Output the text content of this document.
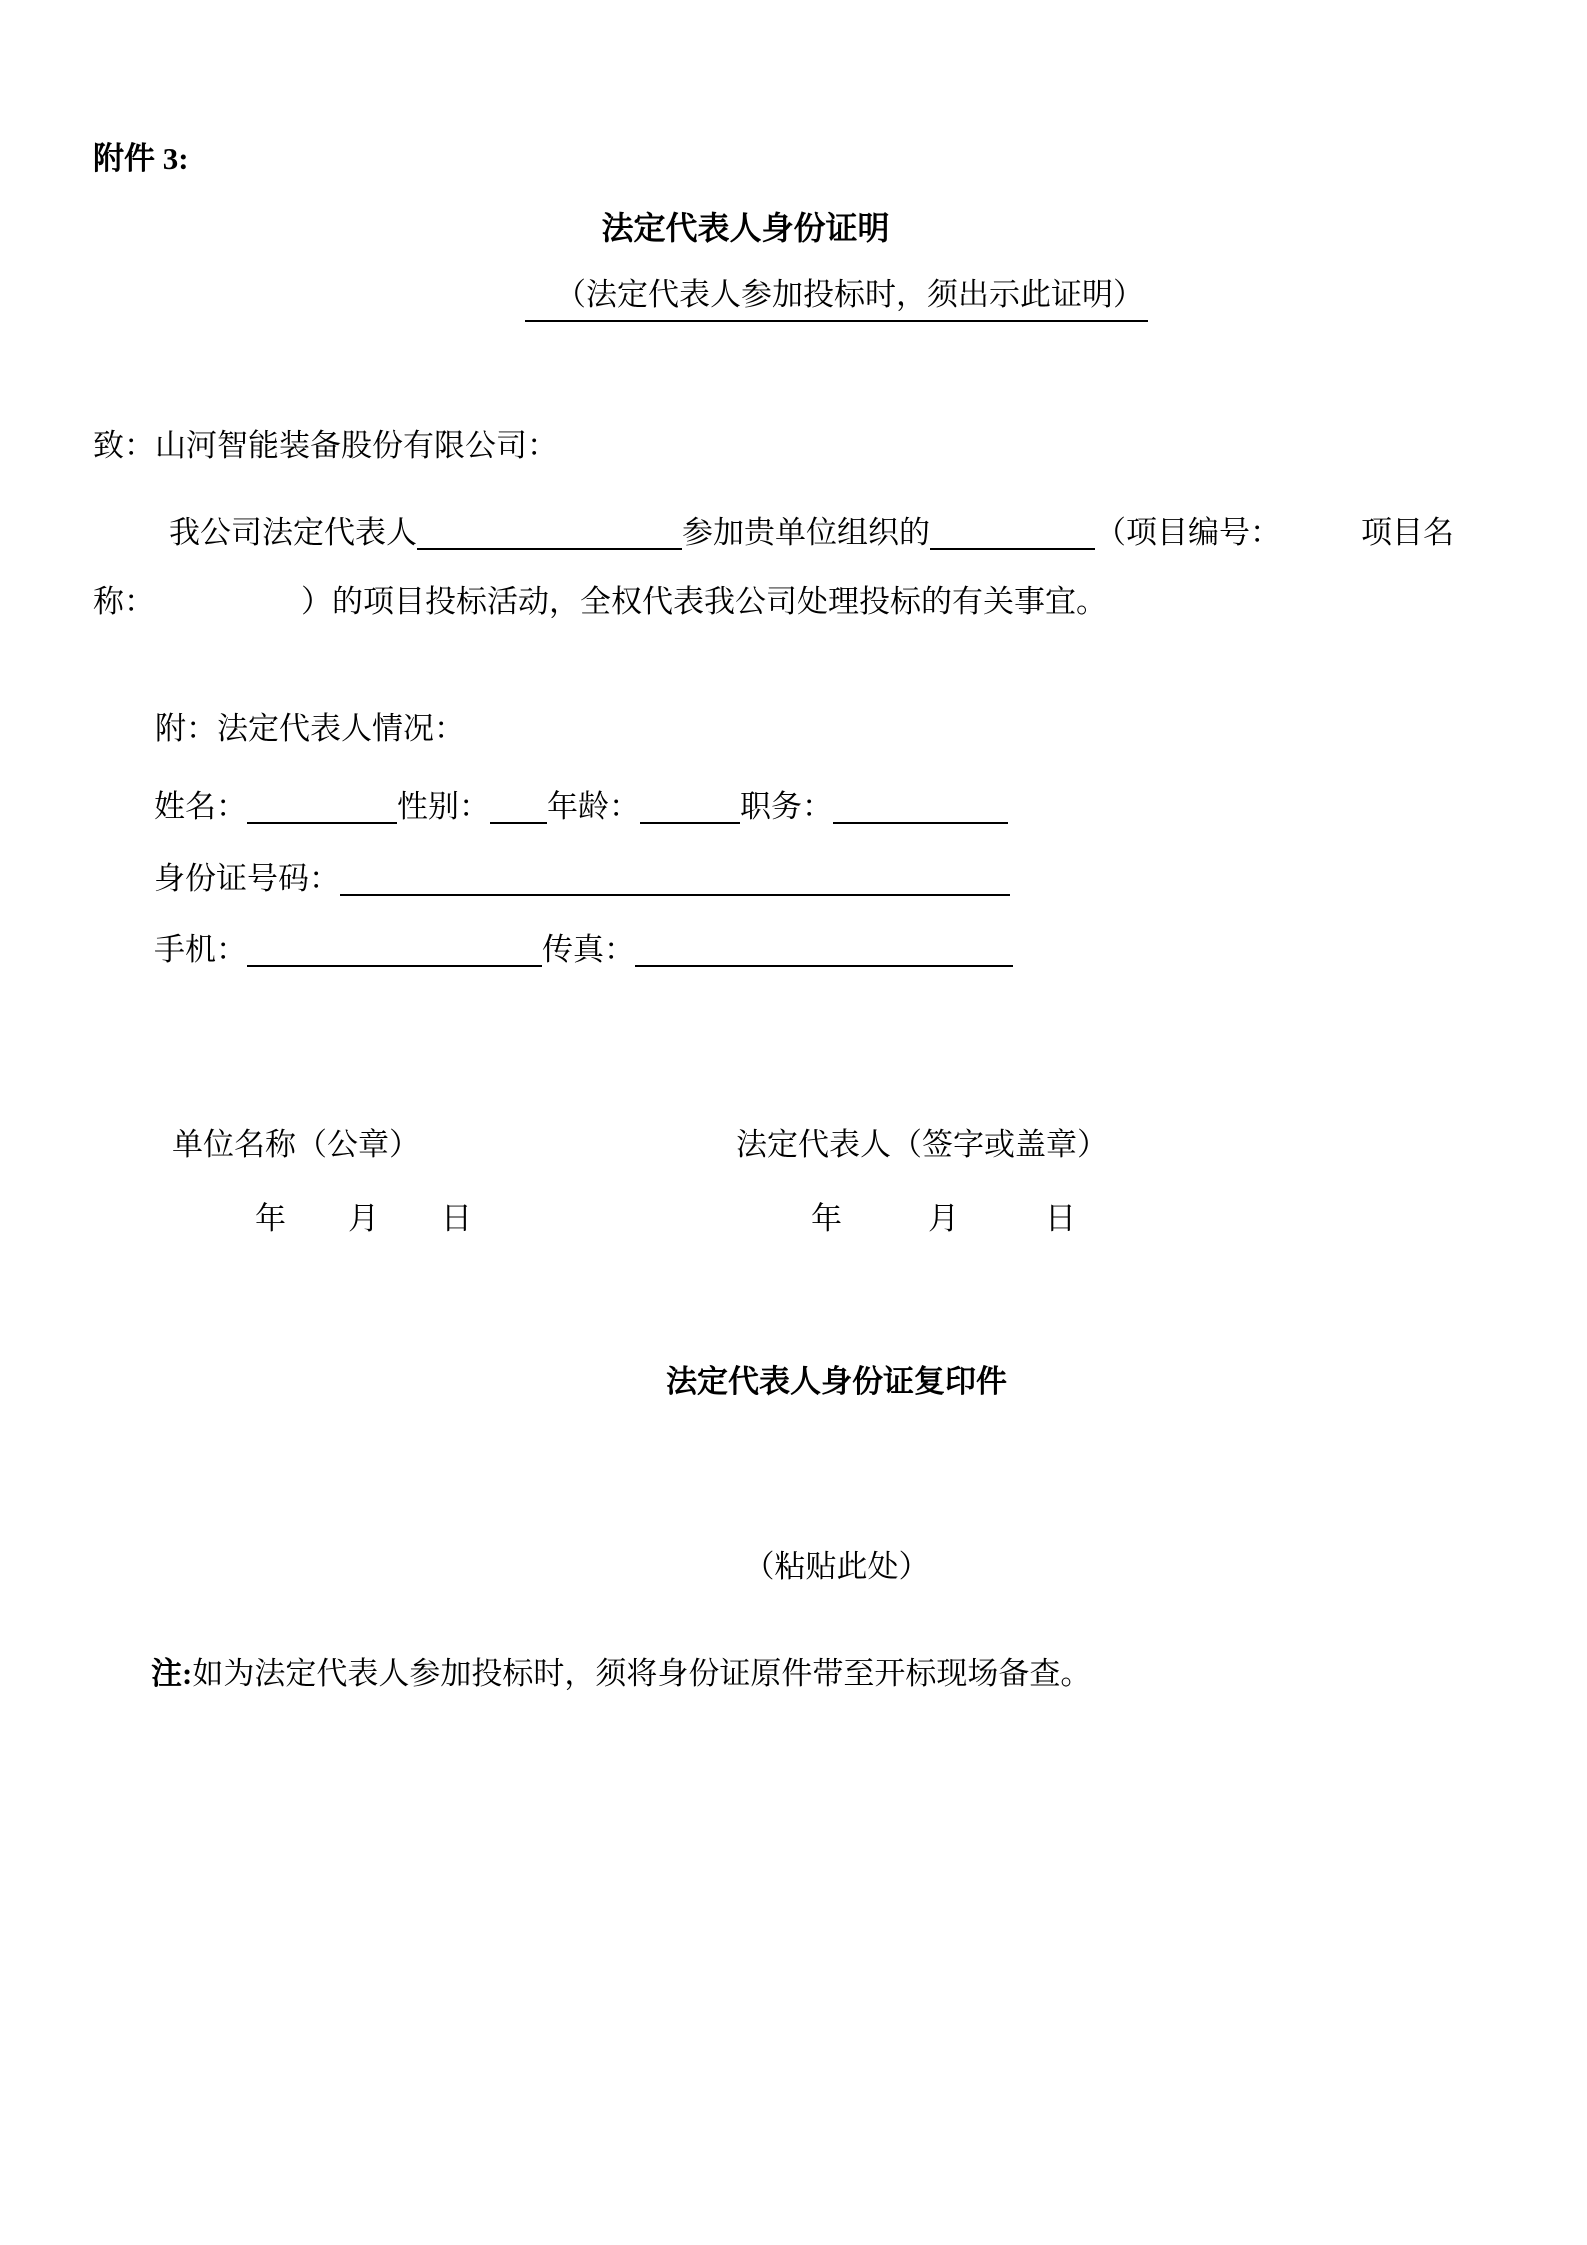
附件 3:
法定代表人身份证明
（法定代表人参加投标时，须出示此证明）
致：山河智能装备股份有限公司：
我公司法定代表人	参加贵单位组织的	（项目编号：	项目名
称：	）的项目投标活动，全权代表我公司处理投标的有关事宜。
附：法定代表人情况：
姓名：	性别： 年龄：	职务：
身份证号码：
手机：	传真：
单位名称（公章）	法定代表人（签字或盖章）
年　　月　　日	年　　月　　日
法定代表人身份证复印件
（粘贴此处）
注:如为法定代表人参加投标时，须将身份证原件带至开标现场备查。
